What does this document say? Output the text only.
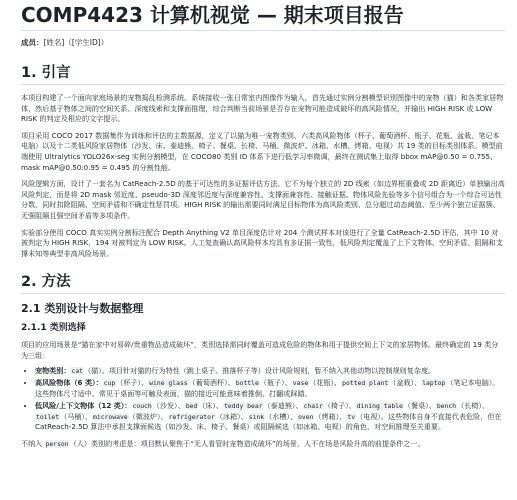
COMP4423 计算机视觉 — 期末项目报告
成员：[姓名]（[学生ID]）
1. 引言

本项目构建了一个面向家庭场景的宠物捣乱检测系统。系统接收一张日常室内图像作为输入，首先通过实例分割模型识别图像中的宠物（猫）和各类家居物体，然后基于物体之间的空间关系、深度线索和支撑面推理，综合判断当前场景是否存在宠物可能造成破坏的高风险情况，并输出 HIGH RISK 或 LOW RISK 的判定及相应的文字提示。

项目采用 COCO 2017 数据集作为训练和评估的主数据源，定义了以猫为唯一宠物类别、六类高风险物体（杯子、葡萄酒杯、瓶子、花瓶、盆栽、笔记本电脑）以及十二类低风险家居物体（沙发、床、泰迪熊、椅子、餐桌、长椅、马桶、微波炉、冰箱、水槽、烤箱、电视）共 19 类的目标类别体系。模型前端使用 Ultralytics YOLO26x-seg 实例分割模型，在 COCO80 类别 ID 体系下进行低学习率微调，最终在测试集上取得 bbox mAP@0.50 = 0.755、mask mAP@0.50:0.95 = 0.495 的分割性能。

风险逻辑方面，设计了一套名为 CatReach-2.5D 的基于可达性的多证据评估方法。它不为每个独立的 2D 线索（如边界框重叠或 2D 距离近）单独输出高风险判定，而是将 2D mask 邻近度、pseudo-3D 深度邻近度与深度兼容性、支撑面兼容性、接触证据、物体风险先验等多个信号组合为一个综合可达性分数，同时扣除阻隔、空间矛盾和不确定性惩罚项。HIGH RISK 的输出需要同时满足目标物体为高风险类别、总分超过动态阈值、至少两个独立证据簇、无强阻隔且强空间矛盾等多项条件。

实验部分使用 COCO 真实实例分割标注配合 Depth Anything V2 单目深度估计对 204 个测试样本对该进行了全量 CatReach-2.5D 评估，其中 10 对被判定为 HIGH RISK，194 对被判定为 LOW RISK。人工复查确认高风险样本均具有多证据一致性，低风险判定覆盖了上下文物体、空间矛盾、阻隔和支撑未知等典型非高风险场景。

2. 方法
2.1 类别设计与数据整理
2.1.1 类别选择

项目的应用场景是“猫在家中对易碎/贵重物品造成破坏”，类别选择需同时覆盖可造成危险的物体和用于提供空间上下文的家居物体。最终确定的 19 类分为三组：

• 宠物类别：cat（猫）。项目针对猫的行为特性（跳上桌子、推落杯子等）设计风险规则，暂不纳入其他动物以控制规则复杂度。
• 高风险物体（6 类）：cup（杯子）、wine glass（葡萄酒杯）、bottle（瓶子）、vase（花瓶）、potted plant（盆栽）、laptop（笔记本电脑）。这些物体尺寸适中、常见于桌面等可触及表面，猫的接近可能意味着推倒、打翻或踩踏。
• 低风险/上下文物体（12 类）：couch（沙发）、bed（床）、teddy bear（泰迪熊）、chair（椅子）、dining table（餐桌）、bench（长椅）、toilet（马桶）、microwave（微波炉）、refrigerator（冰箱）、sink（水槽）、oven（烤箱）、tv（电视）。这些物体自身不直接代表危险，但在 CatReach-2.5D 算法中承担支撑面候选（如沙发、床、椅子、餐桌）或阻隔候选（如冰箱、电视）的角色，对空间推理至关重要。

不纳入 person（人）类别的考虑是：项目默认聚焦于“无人看管时宠物造成破坏”的场景，人不在场是风险升高的前提条件之一。
